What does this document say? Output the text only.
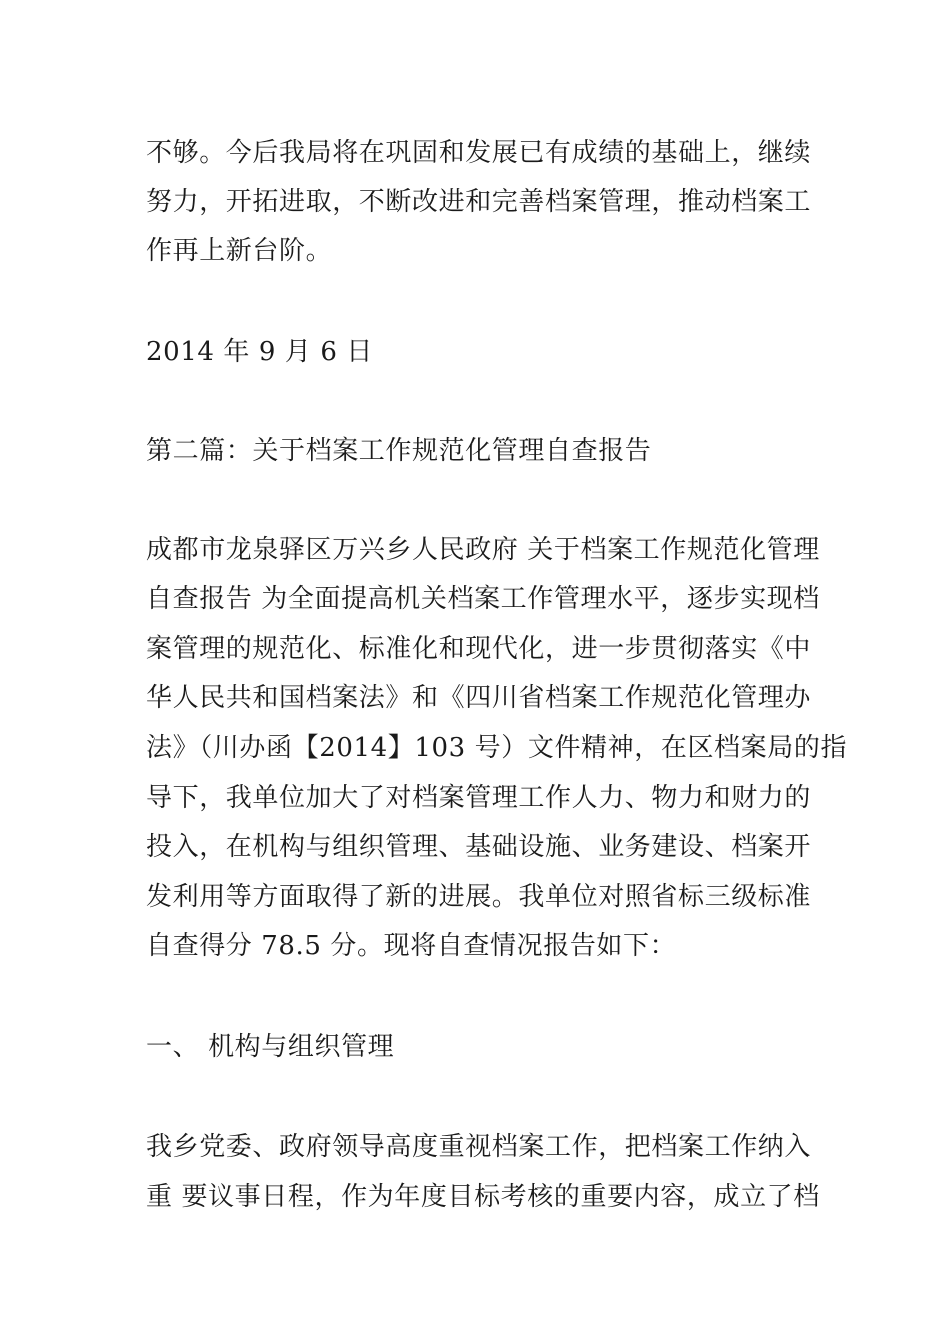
不够。今后我局将在巩固和发展已有成绩的基础上，继续
努力，开拓进取，不断改进和完善档案管理，推动档案工
作再上新台阶。
2014 年 9 月 6 日
第二篇：关于档案工作规范化管理自查报告
成都市龙泉驿区万兴乡人民政府 关于档案工作规范化管理
自查报告 为全面提高机关档案工作管理水平，逐步实现档
案管理的规范化、标准化和现代化，进一步贯彻落实《中
华人民共和国档案法》和《四川省档案工作规范化管理办
法》（川办函【2014】103 号）文件精神，在区档案局的指
导下，我单位加大了对档案管理工作人力、物力和财力的
投入，在机构与组织管理、基础设施、业务建设、档案开
发利用等方面取得了新的进展。我单位对照省标三级标准
自查得分 78.5 分。现将自查情况报告如下：
一、 机构与组织管理
我乡党委、政府领导高度重视档案工作，把档案工作纳入
重 要议事日程，作为年度目标考核的重要内容，成立了档
